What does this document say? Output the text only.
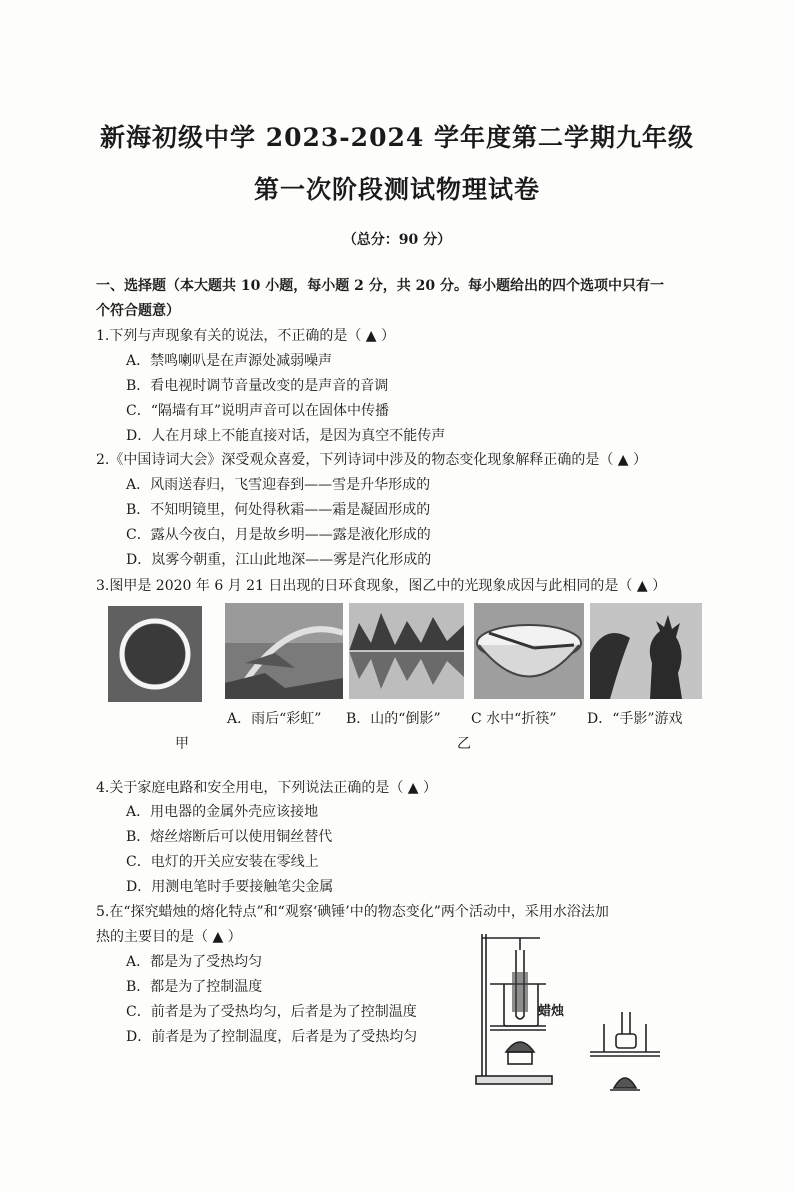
新海初级中学 2023-2024 学年度第二学期九年级
第一次阶段测试物理试卷
（总分：90 分）
一、选择题（本大题共 10 小题，每小题 2 分，共 20 分。每小题给出的四个选项中只有一
个符合题意）
1.下列与声现象有关的说法，不正确的是（ ▲ ）
A．禁鸣喇叭是在声源处减弱噪声
B．看电视时调节音量改变的是声音的音调
C．“隔墙有耳”说明声音可以在固体中传播
D．人在月球上不能直接对话，是因为真空不能传声
2.《中国诗词大会》深受观众喜爱，下列诗词中涉及的物态变化现象解释正确的是（ ▲ ）
A．风雨送春归，飞雪迎春到——雪是升华形成的
B．不知明镜里，何处得秋霜——霜是凝固形成的
C．露从今夜白，月是故乡明——露是液化形成的
D．岚雾今朝重，江山此地深——雾是汽化形成的
3.图甲是 2020 年 6 月 21 日出现的日环食现象，图乙中的光现象成因与此相同的是（ ▲ ）
A．雨后“彩虹” B．山的“倒影” C 水中“折筷” D．“手影”游戏
甲	乙
4.关于家庭电路和安全用电，下列说法正确的是（ ▲ ）
A．用电器的金属外壳应该接地
B．熔丝熔断后可以使用铜丝替代
C．电灯的开关应安装在零线上
D．用测电笔时手要接触笔尖金属
5.在“探究蜡烛的熔化特点”和“观察‘碘锤’中的物态变化”两个活动中，采用水浴法加
热的主要目的是（ ▲ ）
A．都是为了受热均匀
B．都是为了控制温度
C．前者是为了受热均匀，后者是为了控制温度
D．前者是为了控制温度，后者是为了受热均匀
蜡烛
